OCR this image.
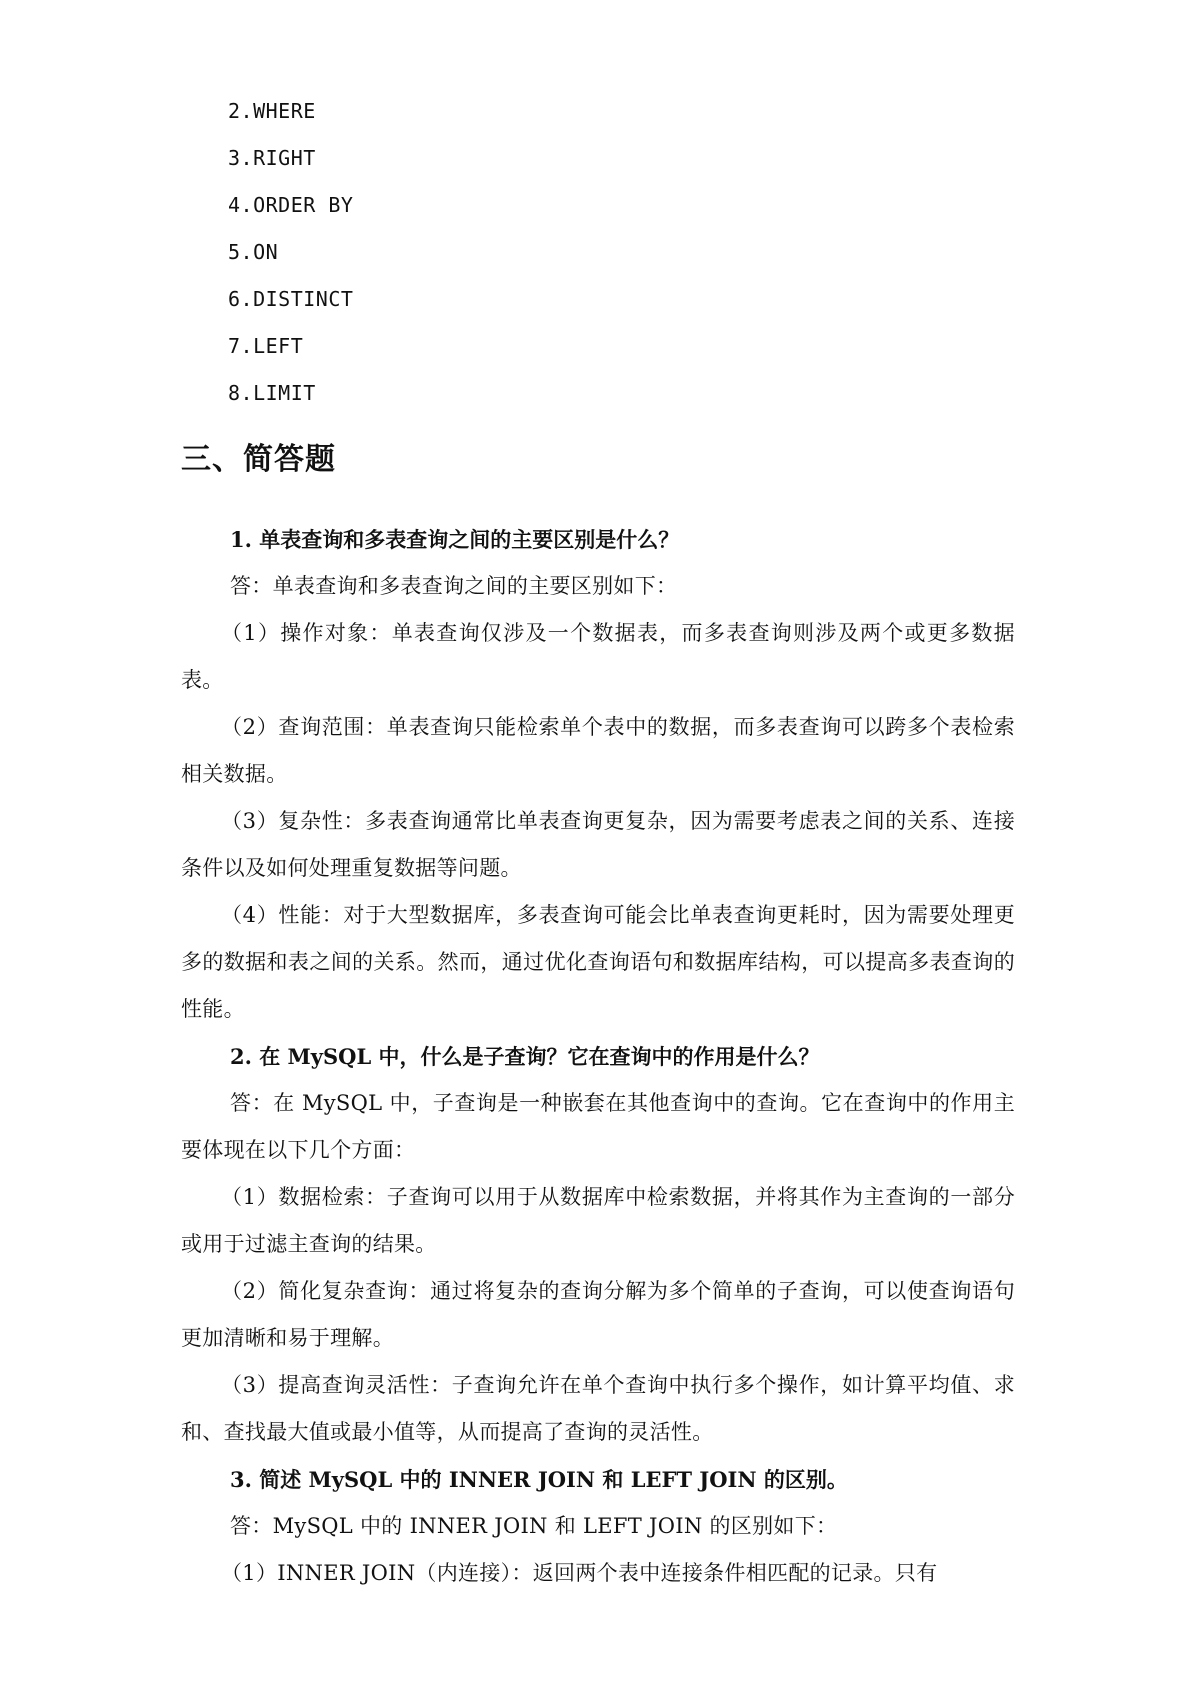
2.WHERE
3.RIGHT
4.ORDER BY
5.ON
6.DISTINCT
7.LEFT
8.LIMIT
三、简答题

1. 单表查询和多表查询之间的主要区别是什么？

答：单表查询和多表查询之间的主要区别如下：

（1）操作对象：单表查询仅涉及一个数据表，而多表查询则涉及两个或更多数据表。

（2）查询范围：单表查询只能检索单个表中的数据，而多表查询可以跨多个表检索相关数据。

（3）复杂性：多表查询通常比单表查询更复杂，因为需要考虑表之间的关系、连接条件以及如何处理重复数据等问题。

（4）性能：对于大型数据库，多表查询可能会比单表查询更耗时，因为需要处理更多的数据和表之间的关系。然而，通过优化查询语句和数据库结构，可以提高多表查询的性能。

2. 在 MySQL 中，什么是子查询？它在查询中的作用是什么？

答：在 MySQL 中，子查询是一种嵌套在其他查询中的查询。它在查询中的作用主要体现在以下几个方面：

（1）数据检索：子查询可以用于从数据库中检索数据，并将其作为主查询的一部分或用于过滤主查询的结果。

（2）简化复杂查询：通过将复杂的查询分解为多个简单的子查询，可以使查询语句更加清晰和易于理解。

（3）提高查询灵活性：子查询允许在单个查询中执行多个操作，如计算平均值、求和、查找最大值或最小值等，从而提高了查询的灵活性。

3. 简述 MySQL 中的 INNER JOIN 和 LEFT JOIN 的区别。

答：MySQL 中的 INNER JOIN 和 LEFT JOIN 的区别如下：

（1）INNER JOIN（内连接）：返回两个表中连接条件相匹配的记录。只有
